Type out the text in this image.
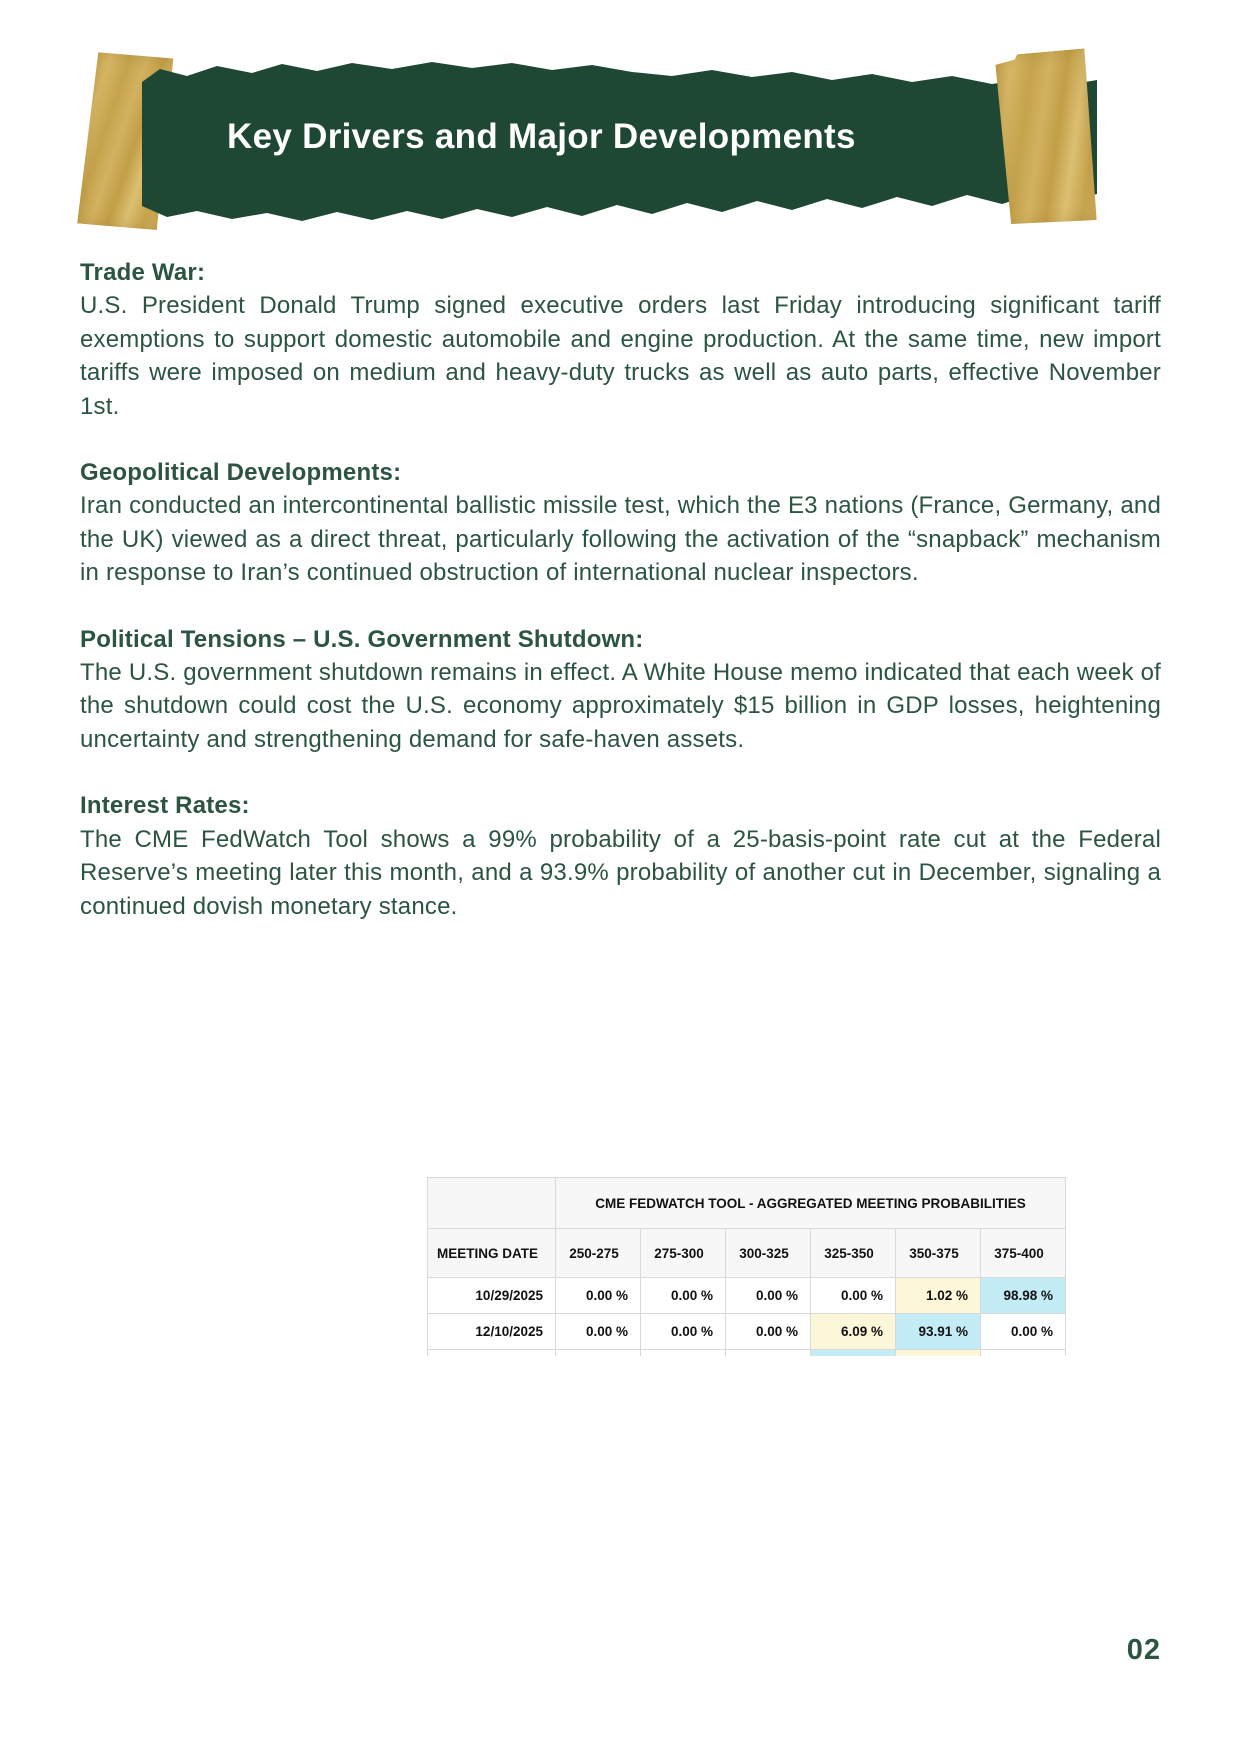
Key Drivers and Major Developments

Trade War:

U.S. President Donald Trump signed executive orders last Friday introducing significant tariff exemptions to support domestic automobile and engine production. At the same time, new import tariffs were imposed on medium and heavy-duty trucks as well as auto parts, effective November 1st.

Geopolitical Developments:

Iran conducted an intercontinental ballistic missile test, which the E3 nations (France, Germany, and the UK) viewed as a direct threat, particularly following the activation of the “snapback” mechanism in response to Iran’s continued obstruction of international nuclear inspectors.

Political Tensions – U.S. Government Shutdown:

The U.S. government shutdown remains in effect. A White House memo indicated that each week of the shutdown could cost the U.S. economy approximately $15 billion in GDP losses, heightening uncertainty and strengthening demand for safe-haven assets.

Interest Rates:

The CME FedWatch Tool shows a 99% probability of a 25-basis-point rate cut at the Federal Reserve’s meeting later this month, and a 93.9% probability of another cut in December, signaling a continued dovish monetary stance.

	CME FEDWATCH TOOL - AGGREGATED MEETING PROBABILITIES					
MEETING DATE	250-275	275-300	300-325	325-350	350-375	375-400
10/29/2025	0.00 %	0.00 %	0.00 %	0.00 %	1.02 %	98.98 %
12/10/2025	0.00 %	0.00 %	0.00 %	6.09 %	93.91 %	0.00 %

02
